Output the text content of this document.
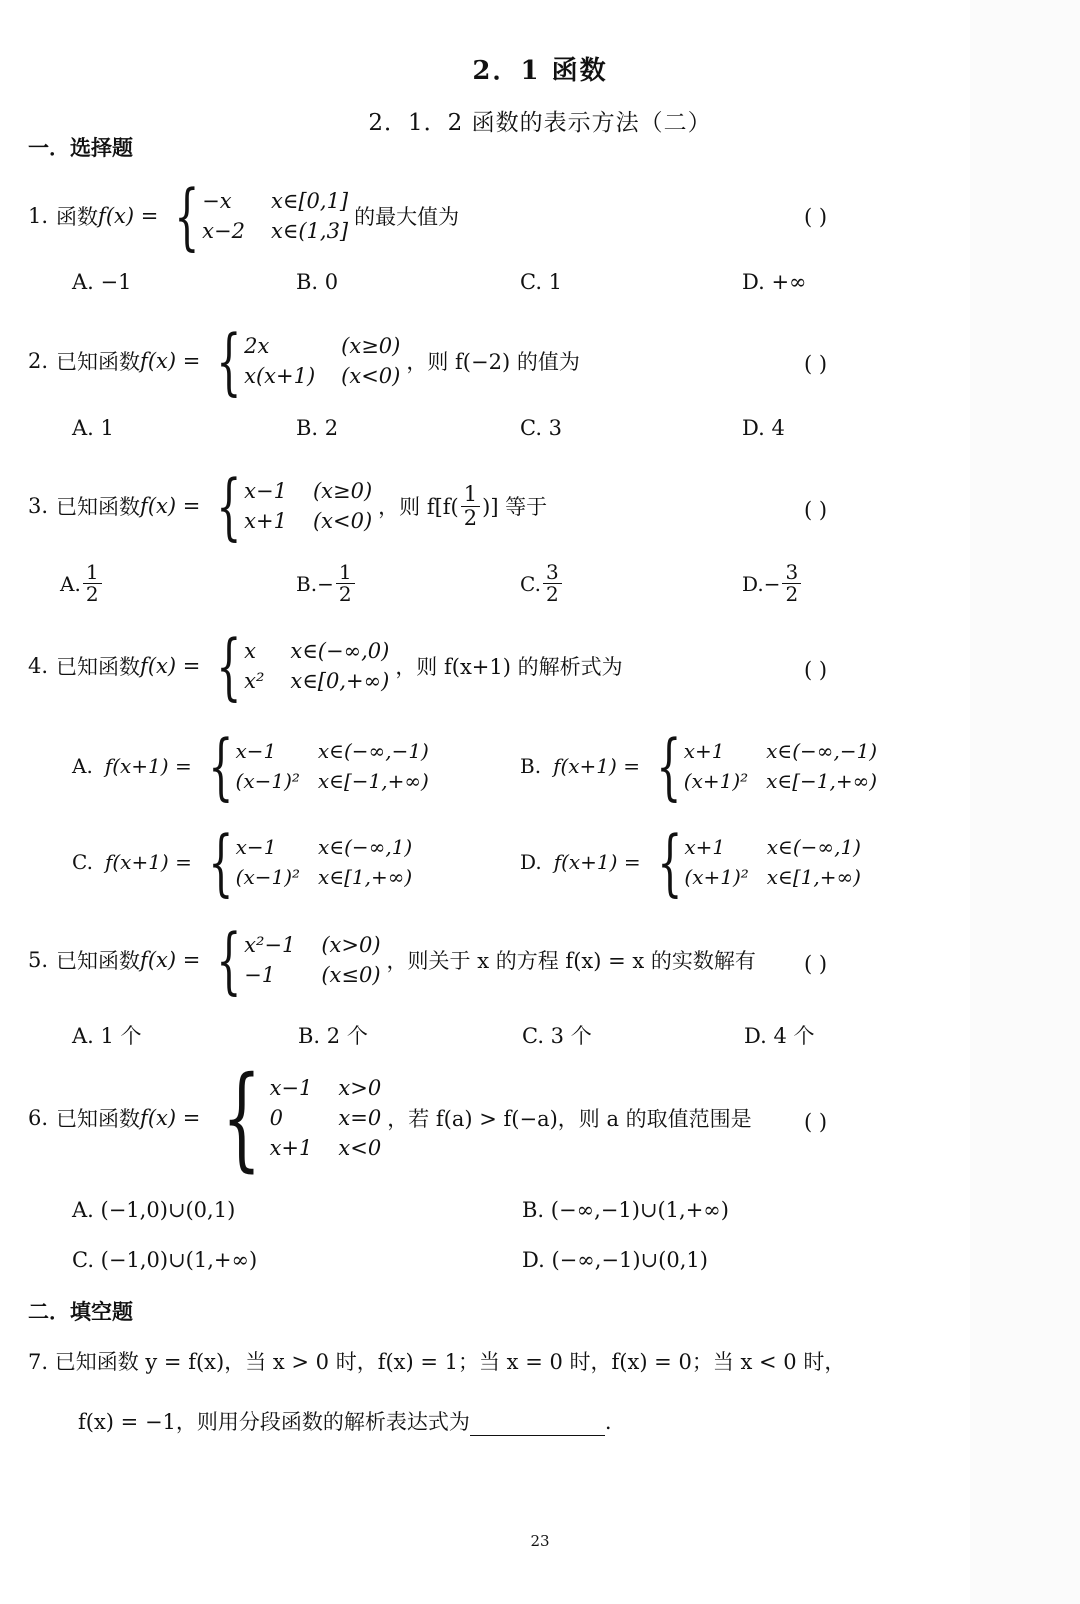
2．1 函数
2．1．2 函数的表示方法（二）
一．选择题
1. 函数 f(x) = { −x	x∈[0,1]
x−2 x∈(1,3]
的最大值为	( )
A. −1	B. 0	C. 1	D. +∞
2. 已知函数 f(x) = { 2x	(x≥0)
x(x+1) (x<0)
，则 f(−2) 的值为	( )
A. 1	B. 2	C. 3	D. 4
3. 已知函数 f(x) = { x−1 (x≥0)
x+1 (x<0)
，则 $f[f( \frac{1}{2}$ )] 等于	( )
A. $\frac{1}{2}$	B. − $\frac{1}{2}$	C. $\frac{3}{2}$	D. − $\frac{3}{2}$
4. 已知函数 f(x) = { x	x∈(−∞,0)
x² x∈[0,+∞)
，则 f(x+1) 的解析式为	( )
A. f(x+1) = { x−1	x∈(−∞,−1)
(x−1)² x∈[−1,+∞)
B. f(x+1) = { x+1	x∈(−∞,−1)
(x+1)² x∈[−1,+∞)
C. f(x+1) = { x−1	x∈(−∞,1)
(x−1)² x∈[1,+∞)
D. f(x+1) = { x+1	x∈(−∞,1)
(x+1)² x∈[1,+∞)
5. 已知函数 f(x) = { x²−1 (x>0)
−1	(x≤0)
，则关于 x 的方程 f(x) = x 的实数解有 ( )
A. 1 个	B. 2 个	C. 3 个	D. 4 个
6. 已知函数 f(x) = { x−1 x>0
0	x=0
x+1 x<0
，若 f(a) > f(−a)，则 a 的取值范围是 ( )
A. (−1,0)∪(0,1)	B. (−∞,−1)∪(1,+∞)
C. (−1,0)∪(1,+∞)	D. (−∞,−1)∪(0,1)
二．填空题
7. 已知函数 y = f(x)，当 x > 0 时，f(x) = 1；当 x = 0 时，f(x) = 0；当 x < 0 时，
f(x) = −1，则用分段函数的解析表达式为	.
23
